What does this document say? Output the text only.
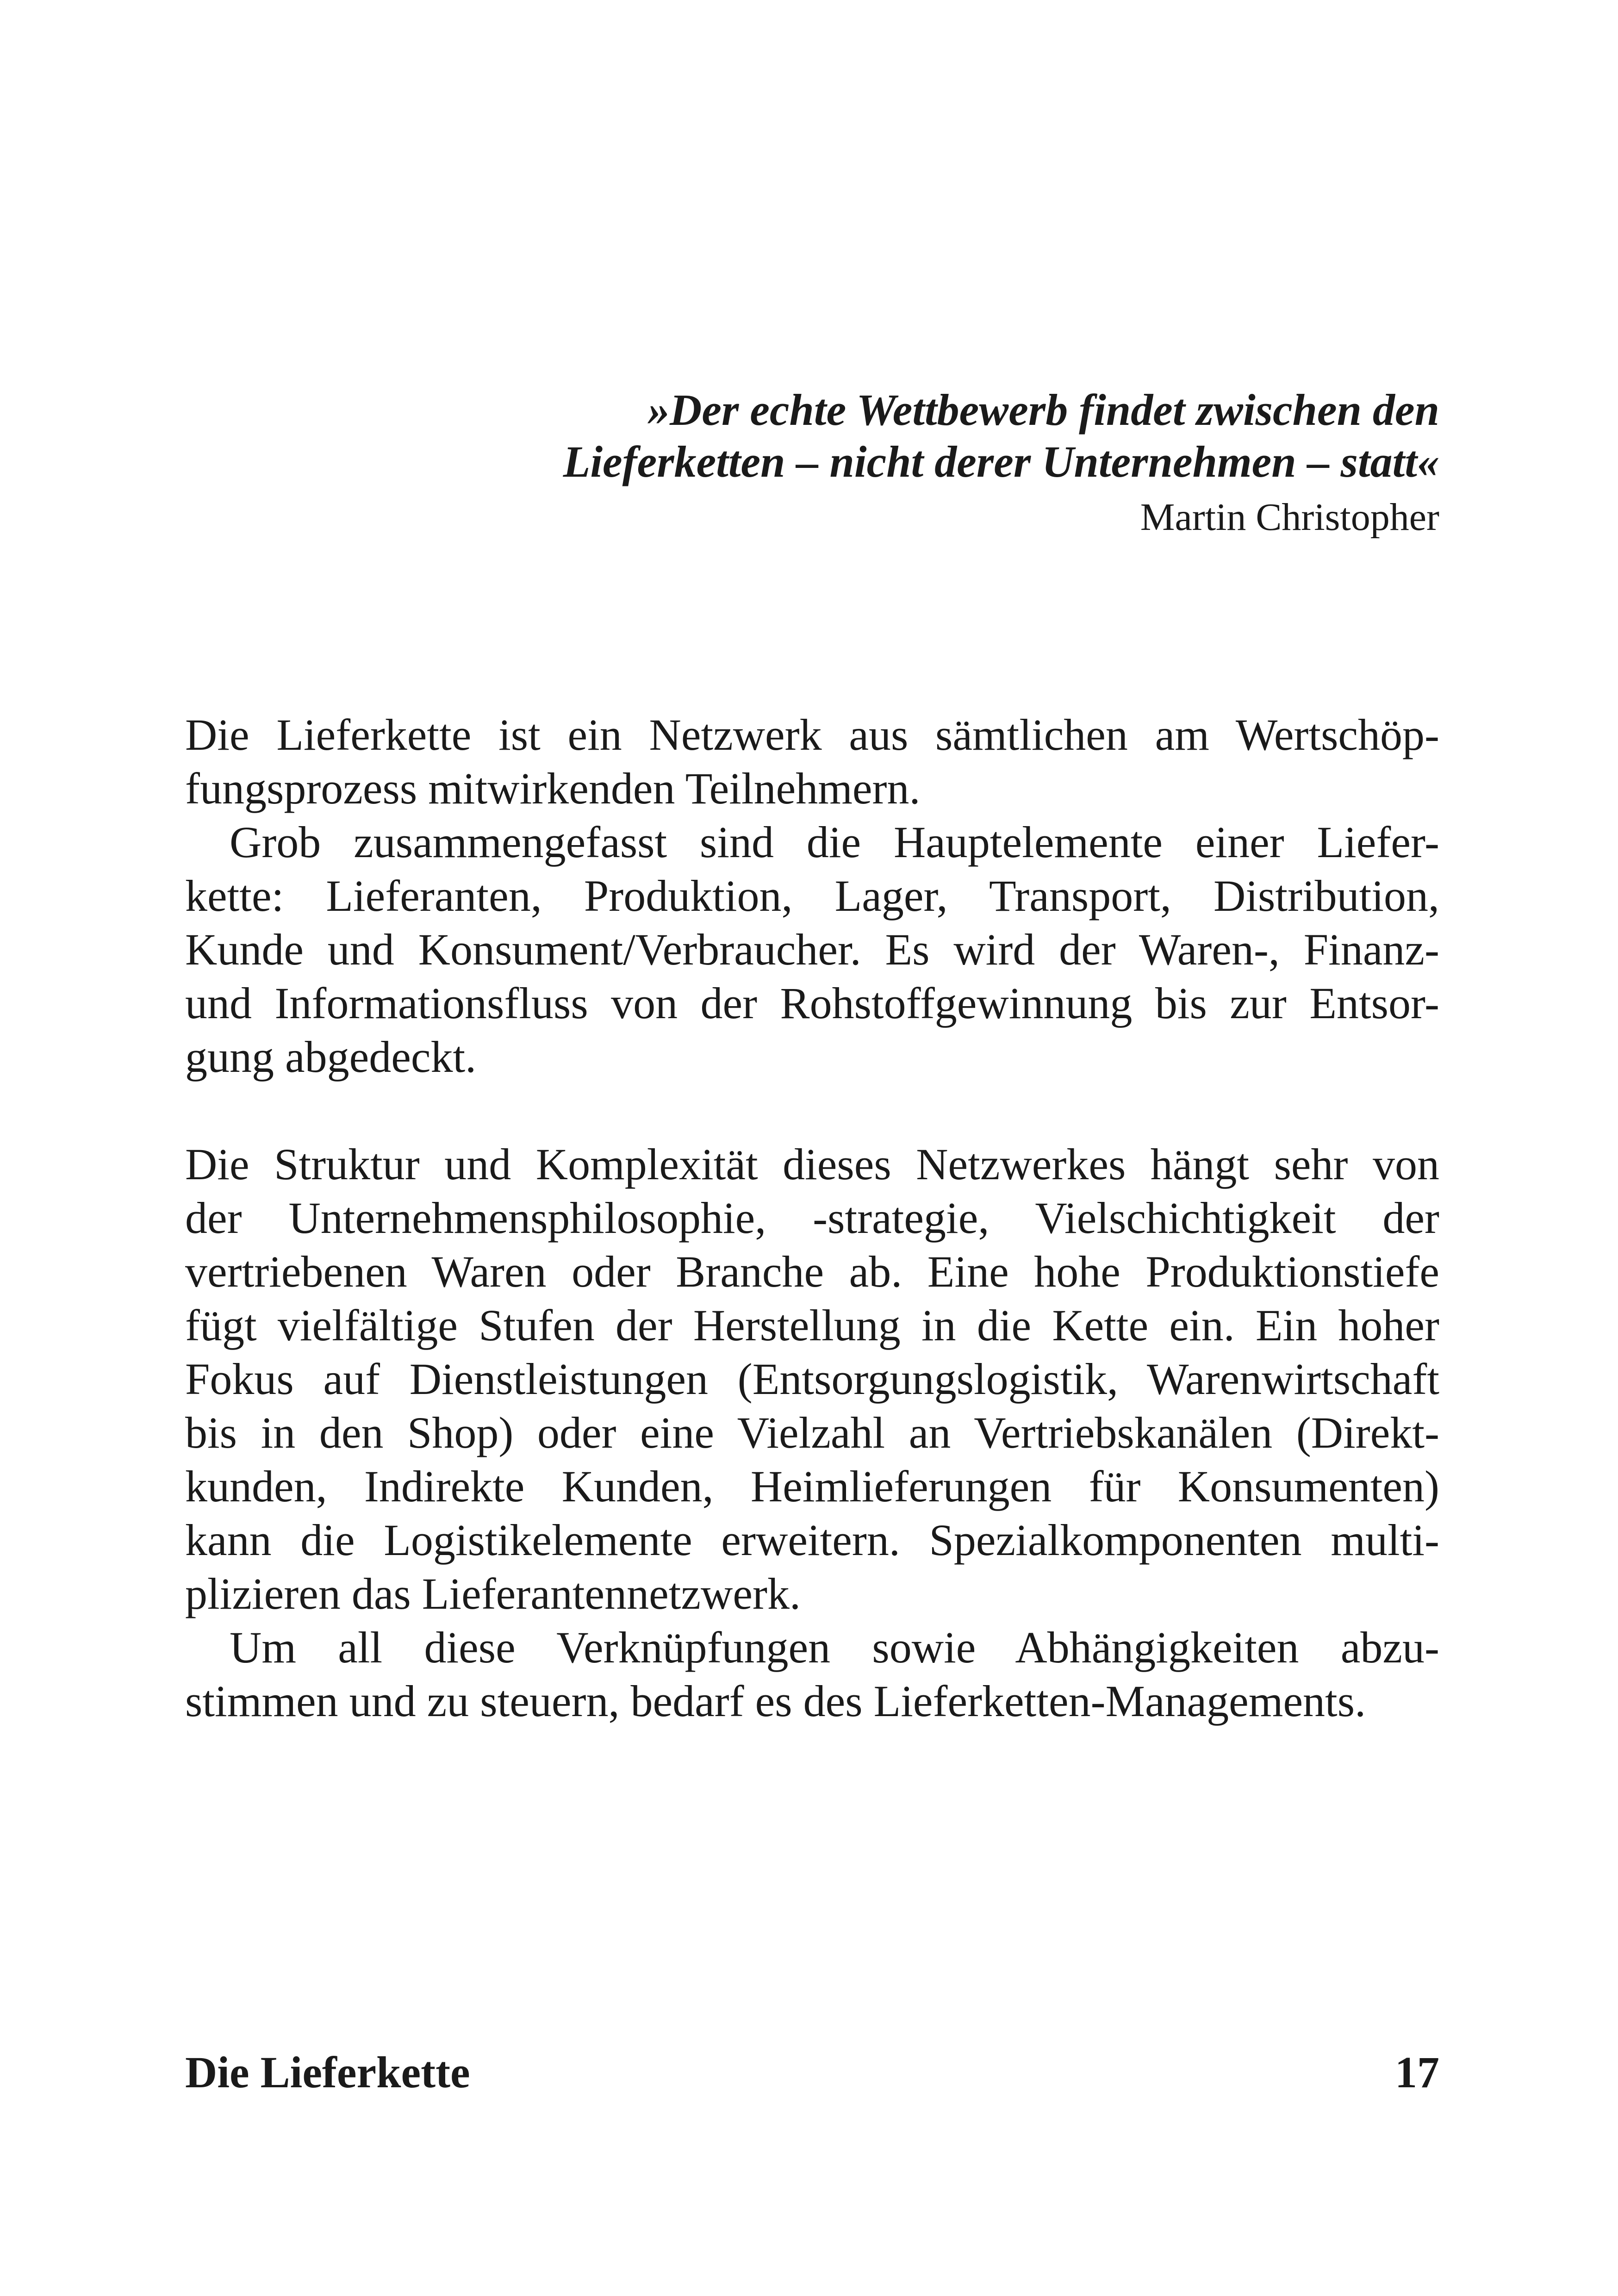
»Der echte Wettbewerb findet zwischen den
Lieferketten – nicht derer Unternehmen – statt«
Martin Christopher
Die Lieferkette ist ein Netzwerk aus sämtlichen am Wertschöp-
fungsprozess mitwirkenden Teilnehmern.
Grob zusammengefasst sind die Hauptelemente einer Liefer-
kette: Lieferanten, Produktion, Lager, Transport, Distribution,
Kunde und Konsument/Verbraucher. Es wird der Waren-, Finanz-
und Informationsfluss von der Rohstoffgewinnung bis zur Entsor-
gung abgedeckt.
Die Struktur und Komplexität dieses Netzwerkes hängt sehr von
der Unternehmensphilosophie, -strategie, Vielschichtigkeit der
vertriebenen Waren oder Branche ab. Eine hohe Produktionstiefe
fügt vielfältige Stufen der Herstellung in die Kette ein. Ein hoher
Fokus auf Dienstleistungen (Entsorgungslogistik, Warenwirtschaft
bis in den Shop) oder eine Vielzahl an Vertriebskanälen (Direkt-
kunden, Indirekte Kunden, Heimlieferungen für Konsumenten)
kann die Logistikelemente erweitern. Spezialkomponenten multi-
plizieren das Lieferantennetzwerk.
Um all diese Verknüpfungen sowie Abhängigkeiten abzu-
stimmen und zu steuern, bedarf es des Lieferketten-Managements.
Die Lieferkette	17
